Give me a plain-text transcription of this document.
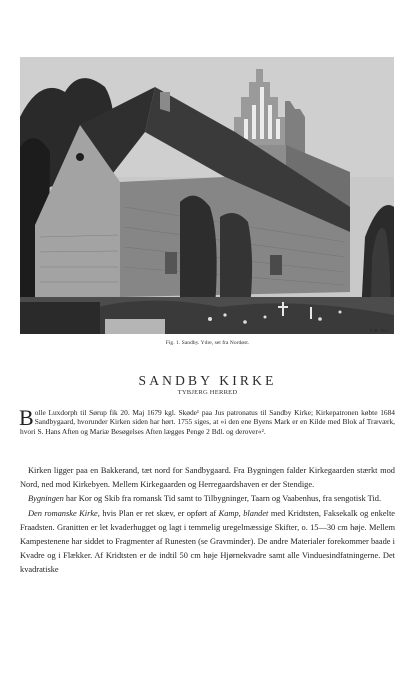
V. H. 192 ?
Fig. 1. Sandby. Ydre, set fra Nordøst.
SANDBY KIRKE
TYBJERG HERRED
Bolle Luxdorph til Sørup fik 20. Maj 1679 kgl. Skøde¹ paa Jus patronatus til Sandby Kirke; Kirkepatronen købte 1684 Sandbygaard, hvorunder Kirken siden har hørt. 1755 siges, at »i den ene Byens Mark er en Kilde med Blok af Træværk, hvori S. Hans Aften og Mariæ Besøgelses Aften lægges Penge 2 Bdl. og derover«².

Kirken ligger paa en Bakkerand, tæt nord for Sandbygaard. Fra Bygningen falder Kirkegaarden stærkt mod Nord, ned mod Kirkebyen. Mellem Kirkegaarden og Herregaardshaven er der Stendige.

Bygningen har Kor og Skib fra romansk Tid samt to Tilbygninger, Taarn og Vaabenhus, fra sengotisk Tid.

Den romanske Kirke, hvis Plan er ret skæv, er opført af Kamp, blandet med Kridtsten, Faksekalk og enkelte Fraadsten. Granitten er let kvaderhugget og lagt i temmelig uregelmæssige Skifter, o. 15—30 cm høje. Mellem Kampestenene har siddet to Fragmenter af Runesten (se Gravminder). De andre Materialer forekommer baade i Kvadre og i Flækker. Af Kridtsten er de indtil 50 cm høje Hjørnekvadre samt alle Vinduesindfatningerne. Det kvadratiske
